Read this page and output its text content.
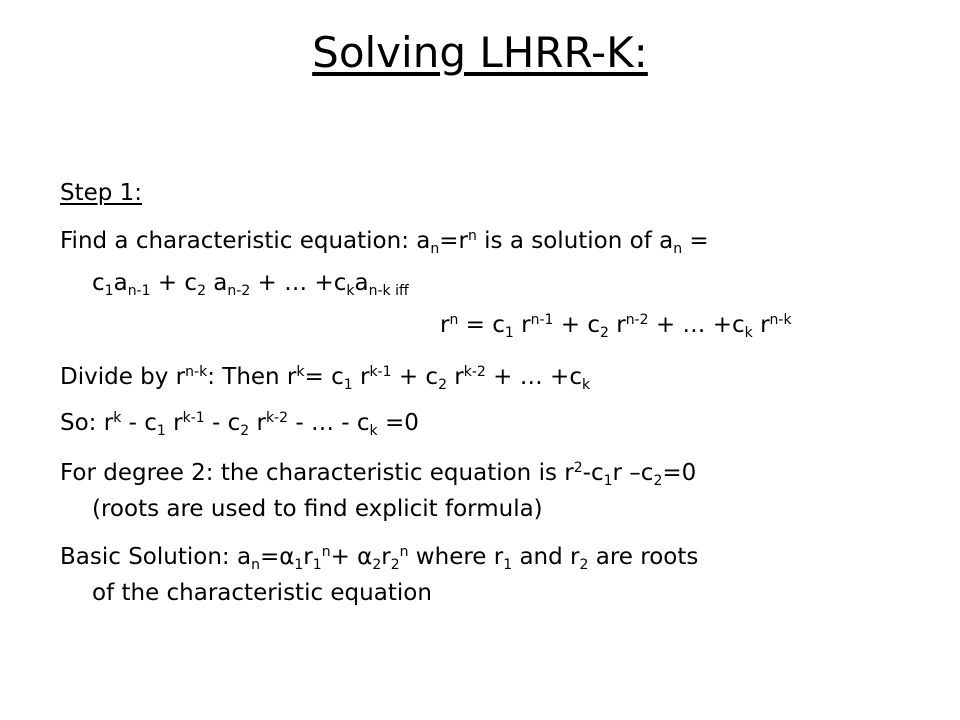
Solving LHRR-K:
Step 1:
Find a characteristic equation: $a_n=r^n$ is a solution of $a_n$ =
$c_1a_{n-1} + c_2$ $a_{n-2}$ + … $+c_ka_{n-k iff}$
$r^n = c_1$ $r^{n-1} + c_2$ $r^{n-2}$ + … $+c_k$ $r^{n-k}$
Divide by $r^{n-k}$: Then $r^k= c_1$ $r^{k-1} + c_2$ $r^{k-2}$ + … $+c_k$
So: $r^k - c_1$ $r^{k-1} - c_2$ $r^{k-2}$ - … - $c_k =0$
For degree 2: the characteristic equation is $r^2-c_1r$ $-c_2=0$
(roots are used to find explicit formula)
Basic Solution: $a_n=\alpha_1r_1^n+ \alpha_2r_2^n$ where $r_1$ and $r_2$ are roots
of the characteristic equation
